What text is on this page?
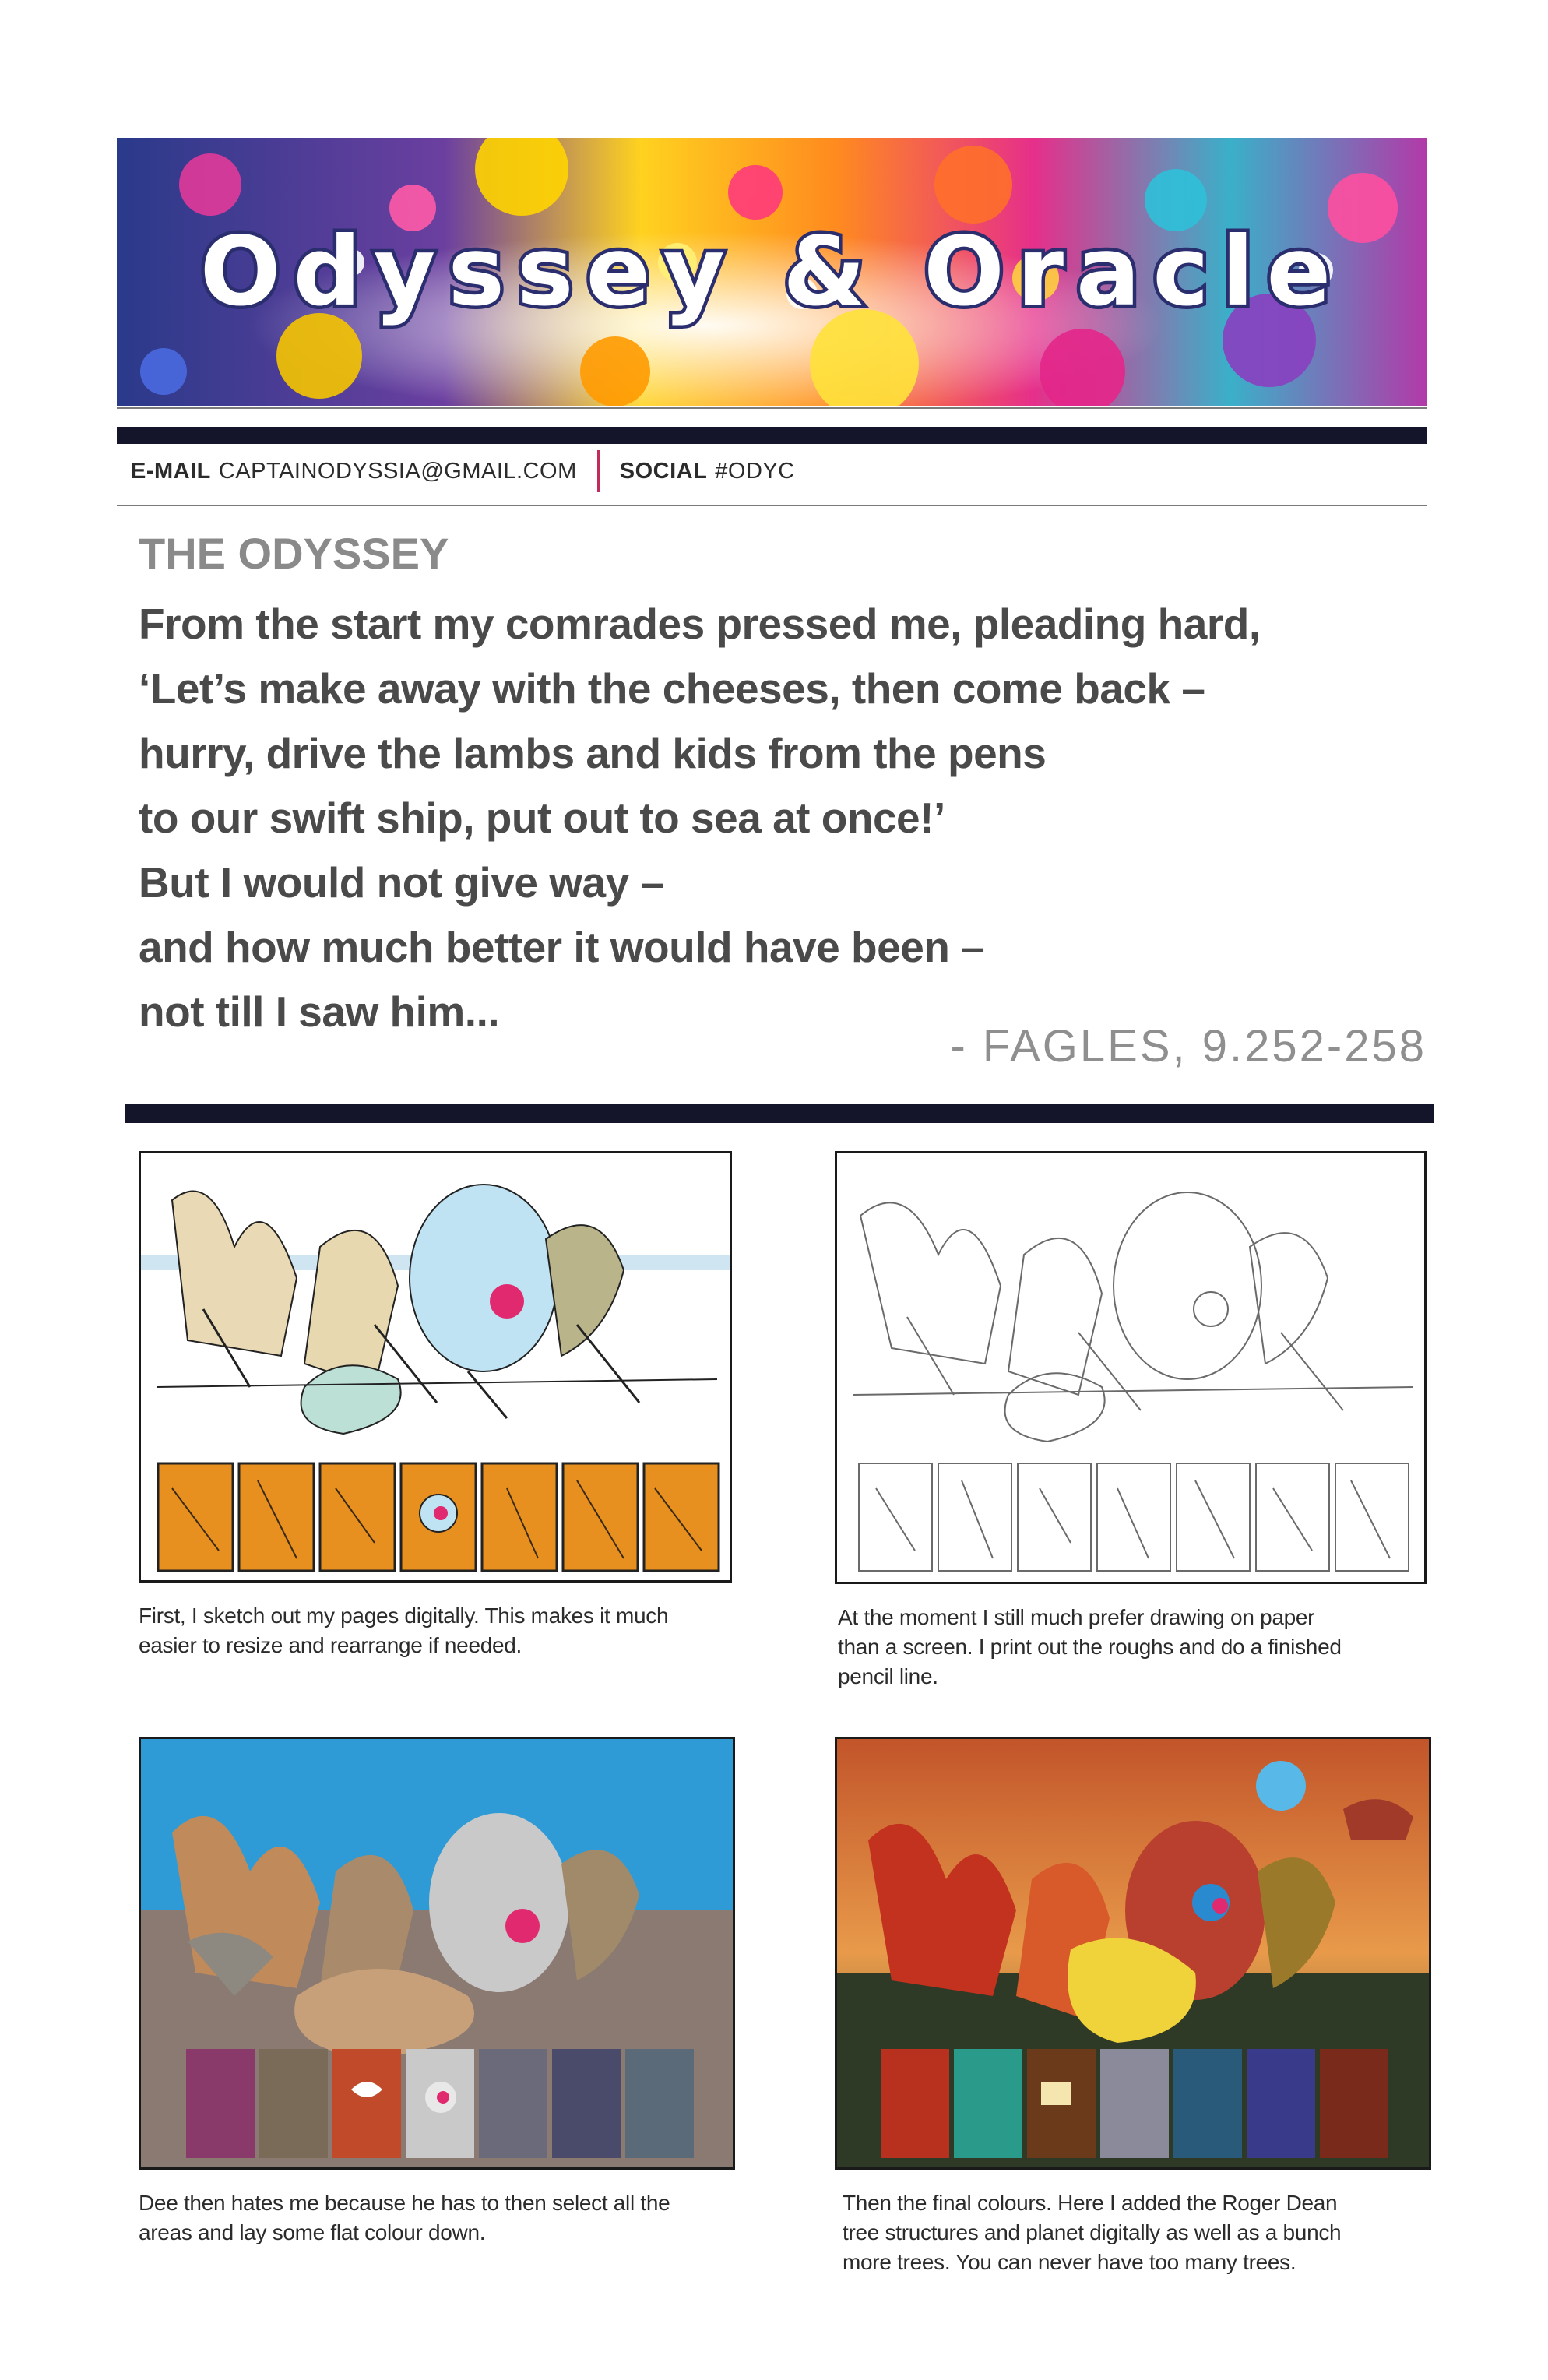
Odyssey & Oracle
E-MAIL CAPTAINODYSSIA@GMAIL.COM SOCIAL #ODYC
THE ODYSSEY
From the start my comrades pressed me, pleading hard,
‘Let’s make away with the cheeses, then come back –
hurry, drive the lambs and kids from the pens
to our swift ship, put out to sea at once!’
But I would not give way –
and how much better it would have been –
not till I saw him...
- FAGLES, 9.252-258
First, I sketch out my pages digitally. This makes it much
easier to resize and rearrange if needed.
At the moment I still much prefer drawing on paper
than a screen. I print out the roughs and do a finished
pencil line.
Dee then hates me because he has to then select all the
areas and lay some flat colour down.
Then the final colours. Here I added the Roger Dean
tree structures and planet digitally as well as a bunch
more trees. You can never have too many trees.
